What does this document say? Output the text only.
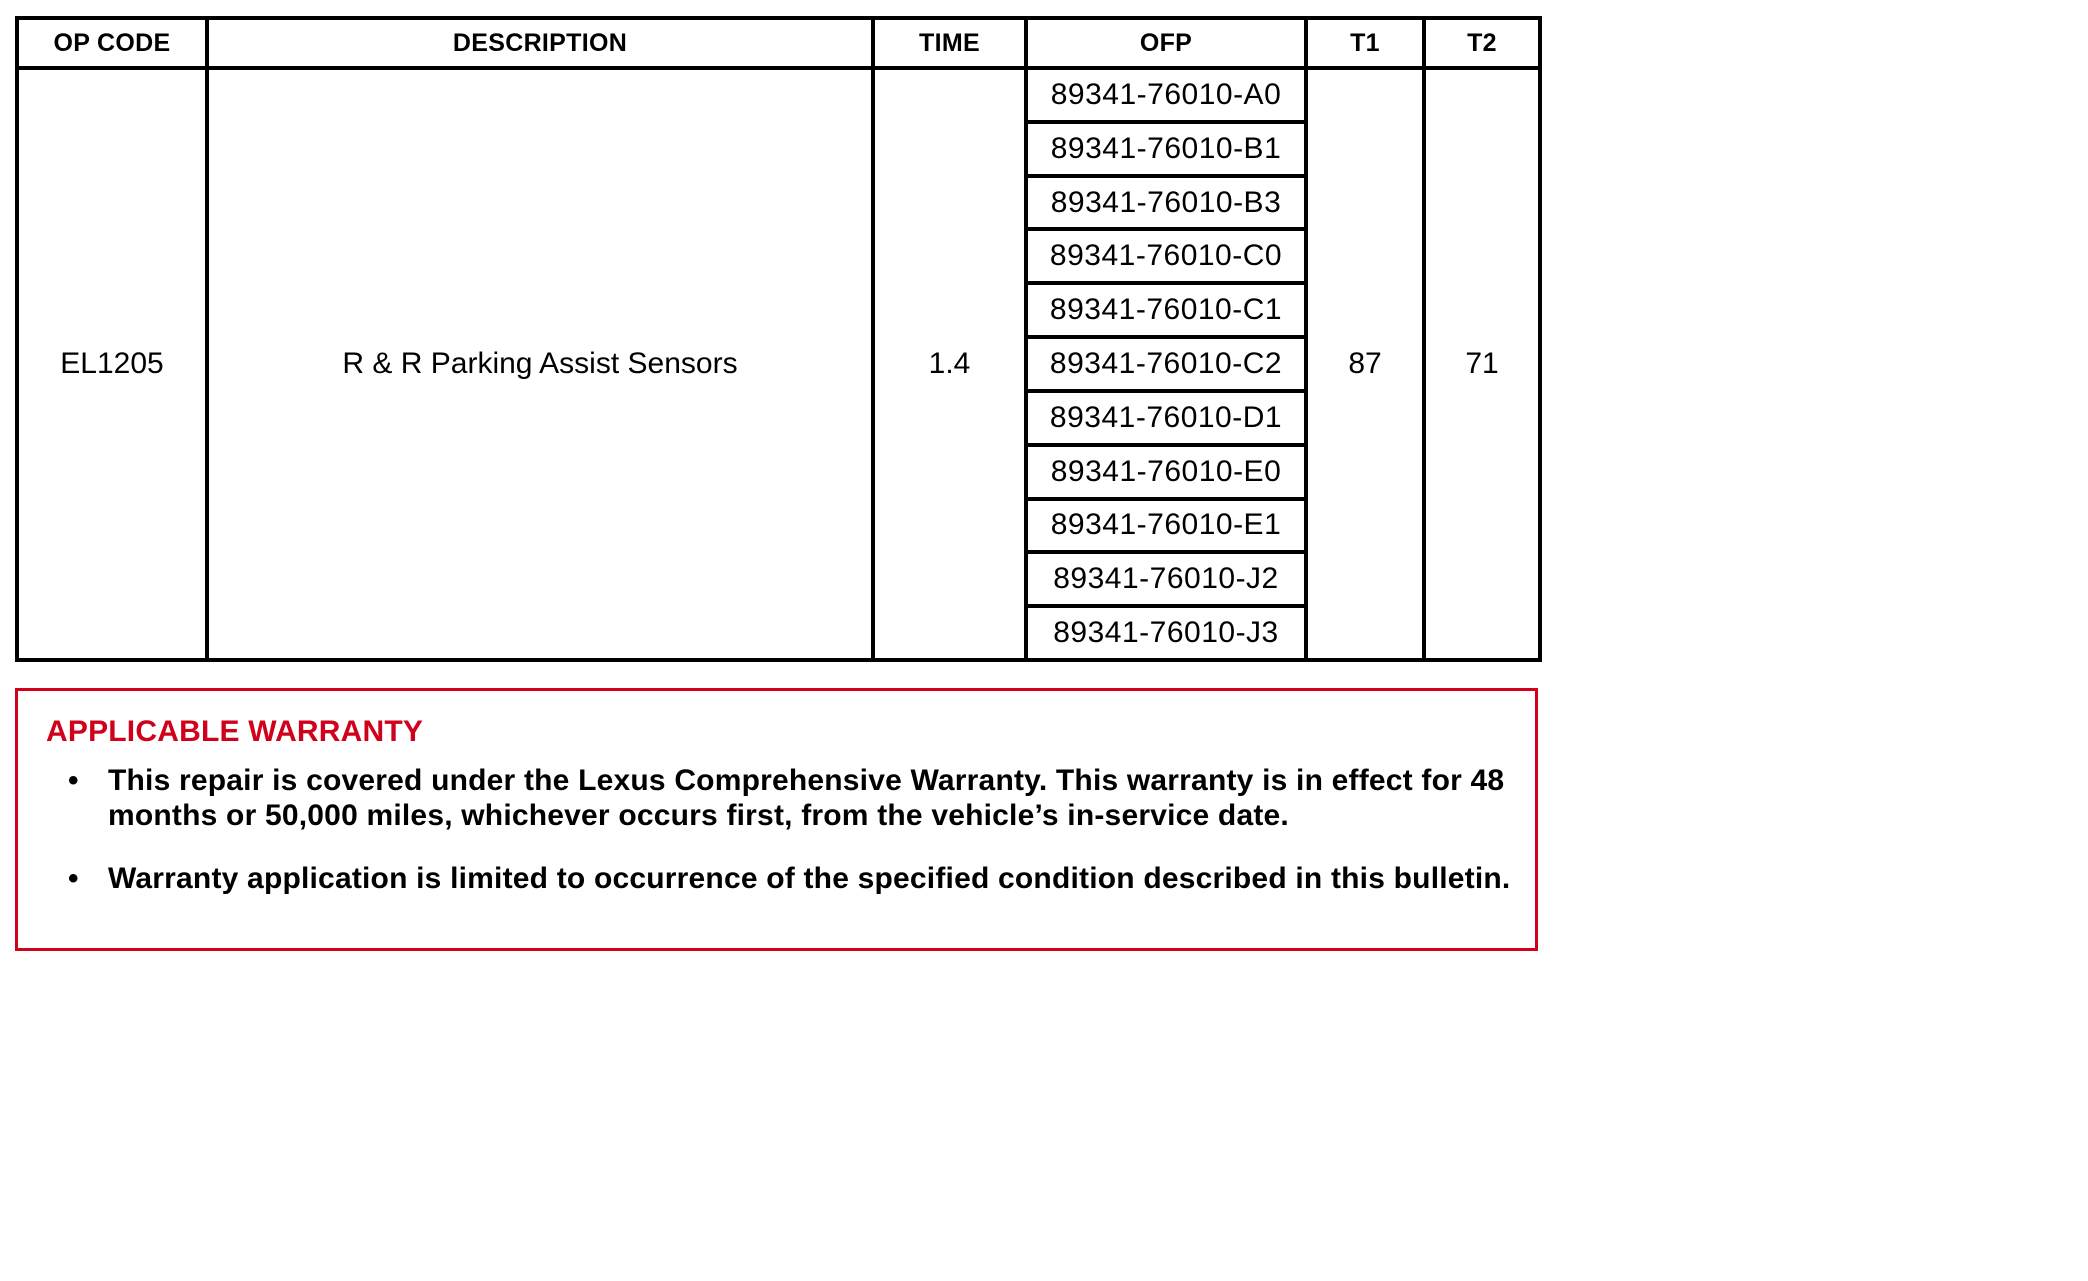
OP CODE	DESCRIPTION	TIME	OFP	T1	T2
EL1205	R & R Parking Assist Sensors	1.4	89341-76010-A0	87	71
			89341-76010-B1		
			89341-76010-B3		
			89341-76010-C0		
			89341-76010-C1		
			89341-76010-C2		
			89341-76010-D1		
			89341-76010-E0		
			89341-76010-E1		
			89341-76010-J2		
			89341-76010-J3		
APPLICABLE WARRANTY
• This repair is covered under the Lexus Comprehensive Warranty. This warranty is in effect for 48 months or 50,000 miles, whichever occurs first, from the vehicle’s in-service date.
• Warranty application is limited to occurrence of the specified condition described in this bulletin.
